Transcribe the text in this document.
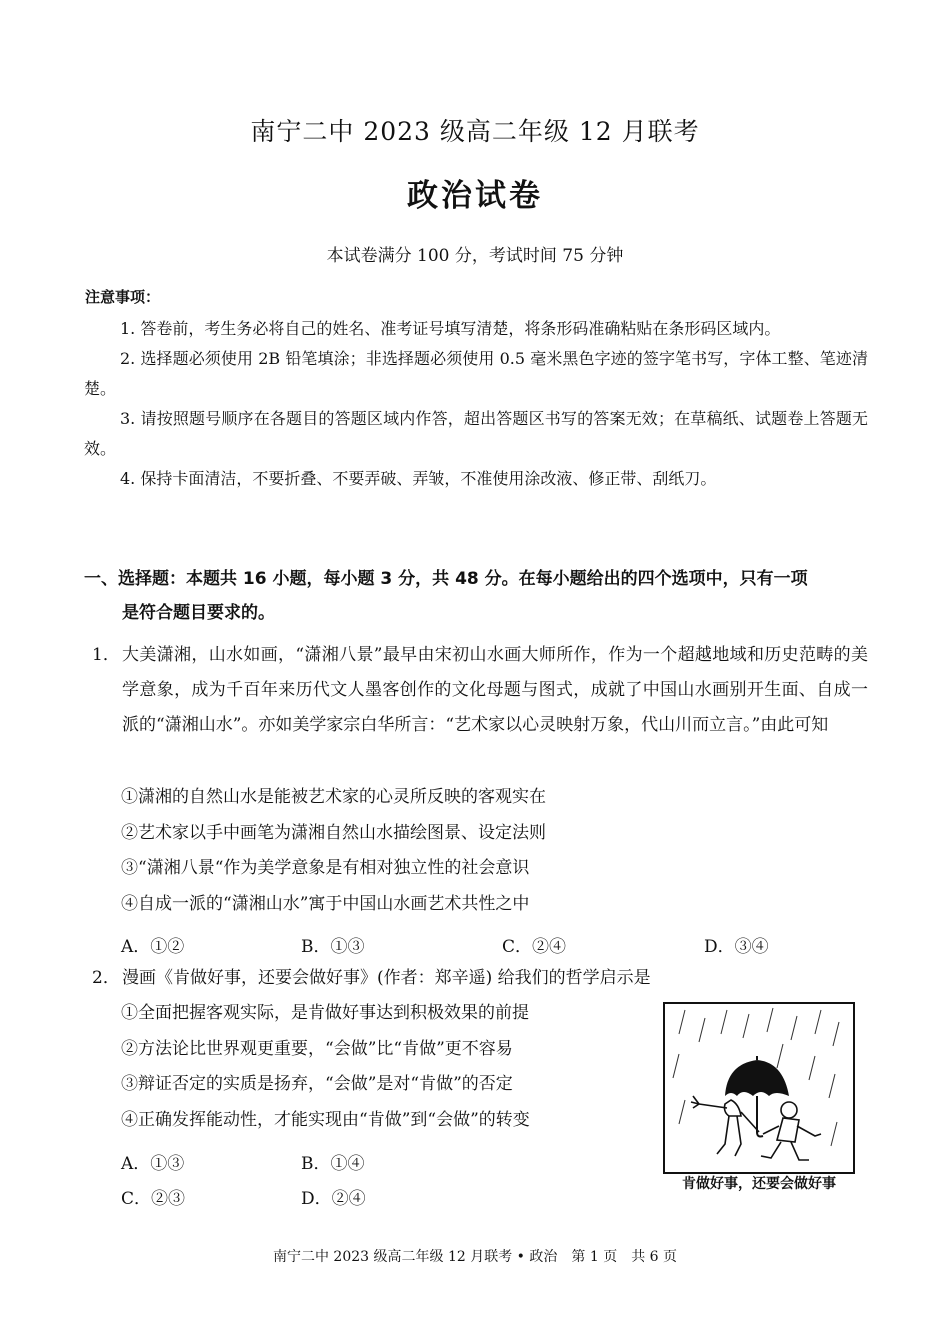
南宁二中 2023 级高二年级 12 月联考
政治试卷
本试卷满分 100 分，考试时间 75 分钟
注意事项：

1. 答卷前，考生务必将自己的姓名、准考证号填写清楚，将条形码准确粘贴在条形码区域内。

2. 选择题必须使用 2B 铅笔填涂；非选择题必须使用 0.5 毫米黑色字迹的签字笔书写，字体工整、笔迹清楚。

3. 请按照题号顺序在各题目的答题区域内作答，超出答题区书写的答案无效；在草稿纸、试题卷上答题无效。

4. 保持卡面清洁，不要折叠、不要弄破、弄皱，不准使用涂改液、修正带、刮纸刀。

一、选择题：本题共 16 小题，每小题 3 分，共 48 分。在每小题给出的四个选项中，只有一项
是符合题目要求的。
1． 大美潇湘，山水如画，“潇湘八景”最早由宋初山水画大师所作，作为一个超越地域和历史范畴的美学意象，成为千百年来历代文人墨客创作的文化母题与图式，成就了中国山水画别开生面、自成一派的“潇湘山水”。亦如美学家宗白华所言：“艺术家以心灵映射万象，代山川而立言。”由此可知
①潇湘的自然山水是能被艺术家的心灵所反映的客观实在
②艺术家以手中画笔为潇湘自然山水描绘图景、设定法则
③“潇湘八景“作为美学意象是有相对独立性的社会意识
④自成一派的“潇湘山水”寓于中国山水画艺术共性之中
A．①②	B．①③	C．②④	D．③④
2． 漫画《肯做好事，还要会做好事》(作者：郑辛遥) 给我们的哲学启示是
①全面把握客观实际，是肯做好事达到积极效果的前提
②方法论比世界观更重要，“会做”比“肯做”更不容易
③辩证否定的实质是扬弃，“会做”是对“肯做”的否定
④正确发挥能动性，才能实现由“肯做”到“会做”的转变
A．①③	B．①④
C．②③	D．②④
肯做好事，还要会做好事
南宁二中 2023 级高二年级 12 月联考 • 政治　第 1 页　共 6 页
